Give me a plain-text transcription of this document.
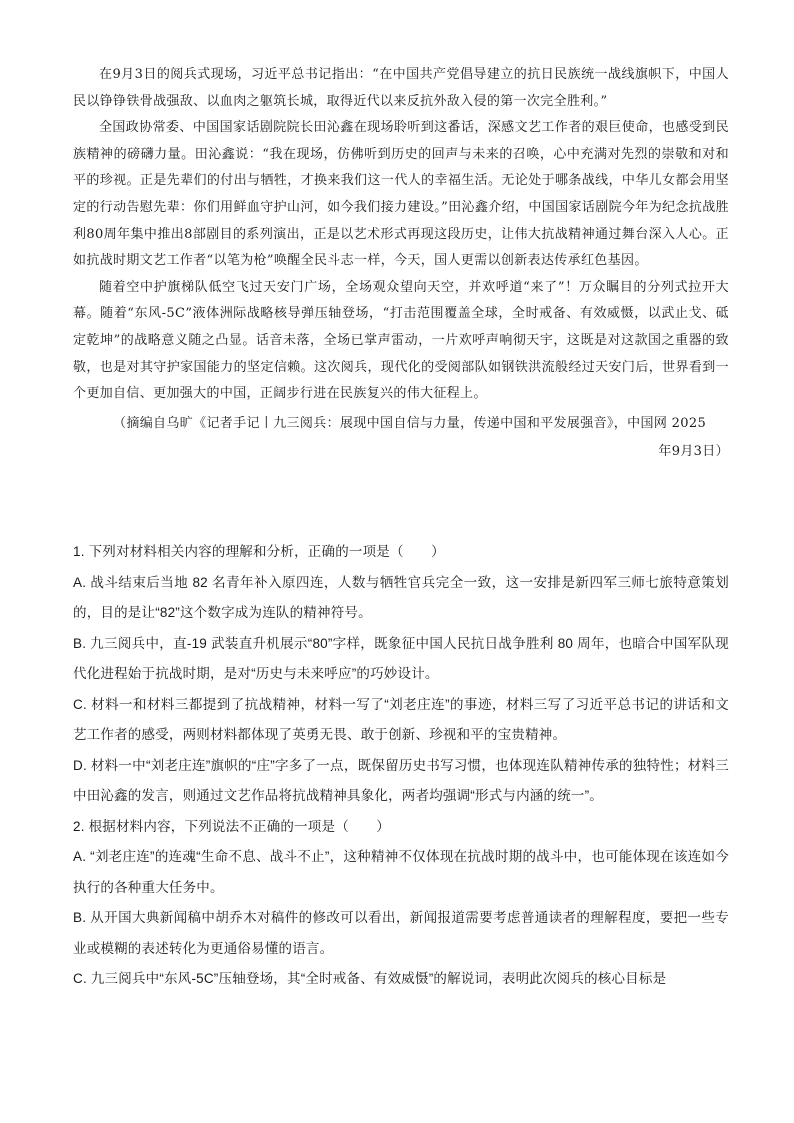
在9月3日的阅兵式现场，习近平总书记指出：“在中国共产党倡导建立的抗日民族统一战线旗帜下，中国人民以铮铮铁骨战强敌、以血肉之躯筑长城，取得近代以来反抗外敌入侵的第一次完全胜利。”

全国政协常委、中国国家话剧院院长田沁鑫在现场聆听到这番话，深感文艺工作者的艰巨使命，也感受到民族精神的磅礴力量。田沁鑫说：“我在现场，仿佛听到历史的回声与未来的召唤，心中充满对先烈的崇敬和对和平的珍视。正是先辈们的付出与牺牲，才换来我们这一代人的幸福生活。无论处于哪条战线，中华儿女都会用坚定的行动告慰先辈：你们用鲜血守护山河，如今我们接力建设。”田沁鑫介绍，中国国家话剧院今年为纪念抗战胜利80周年集中推出8部剧目的系列演出，正是以艺术形式再现这段历史，让伟大抗战精神通过舞台深入人心。正如抗战时期文艺工作者“以笔为枪”唤醒全民斗志一样，今天，国人更需以创新表达传承红色基因。

随着空中护旗梯队低空飞过天安门广场，全场观众望向天空，并欢呼道“来了”！万众瞩目的分列式拉开大幕。随着“东风-5C”液体洲际战略核导弹压轴登场，“打击范围覆盖全球，全时戒备、有效威慑，以武止戈、砥定乾坤”的战略意义随之凸显。话音未落，全场已掌声雷动，一片欢呼声响彻天宇，这既是对这款国之重器的致敬，也是对其守护家国能力的坚定信赖。这次阅兵，现代化的受阅部队如钢铁洪流般经过天安门后，世界看到一个更加自信、更加强大的中国，正阔步行进在民族复兴的伟大征程上。

（摘编自乌旷《记者手记丨九三阅兵：展现中国自信与力量，传递中国和平发展强音》，中国网 2025

年9月3日）

1. 下列对材料相关内容的理解和分析，正确的一项是（　　）

A. 战斗结束后当地 82 名青年补入原四连，人数与牺牲官兵完全一致，这一安排是新四军三师七旅特意策划的，目的是让“82”这个数字成为连队的精神符号。

B. 九三阅兵中，直-19 武装直升机展示“80”字样，既象征中国人民抗日战争胜利 80 周年，也暗合中国军队现代化进程始于抗战时期，是对“历史与未来呼应”的巧妙设计。

C. 材料一和材料三都提到了抗战精神，材料一写了“刘老庄连”的事迹，材料三写了习近平总书记的讲话和文艺工作者的感受，两则材料都体现了英勇无畏、敢于创新、珍视和平的宝贵精神。

D. 材料一中“刘老庄连”旗帜的“庄”字多了一点，既保留历史书写习惯，也体现连队精神传承的独特性；材料三中田沁鑫的发言，则通过文艺作品将抗战精神具象化，两者均强调“形式与内涵的统一”。

2. 根据材料内容，下列说法不正确的一项是（　　）

A. “刘老庄连”的连魂“生命不息、战斗不止”，这种精神不仅体现在抗战时期的战斗中，也可能体现在该连如今执行的各种重大任务中。

B. 从开国大典新闻稿中胡乔木对稿件的修改可以看出，新闻报道需要考虑普通读者的理解程度，要把一些专业或模糊的表述转化为更通俗易懂的语言。

C. 九三阅兵中“东风-5C”压轴登场，其“全时戒备、有效威慑”的解说词，表明此次阅兵的核心目标是
